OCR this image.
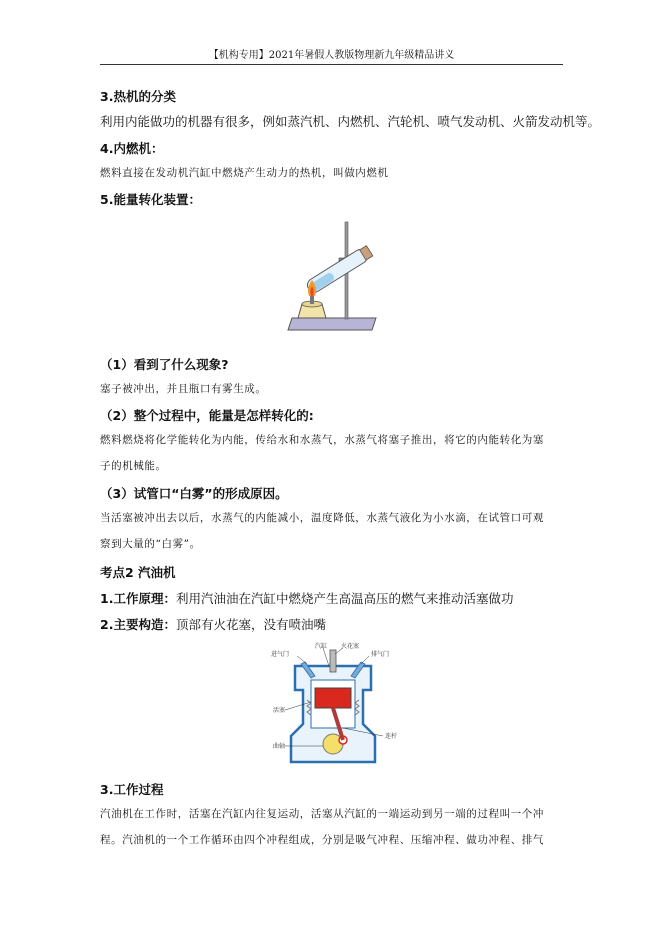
【机构专用】2021年暑假人教版物理新九年级精品讲义
3.热机的分类
利用内能做功的机器有很多，例如蒸汽机、内燃机、汽轮机、喷气发动机、火箭发动机等。
4.内燃机：
燃料直接在发动机汽缸中燃烧产生动力的热机，叫做内燃机
5.能量转化装置：
（1）看到了什么现象?
塞子被冲出，并且瓶口有雾生成。
（2）整个过程中，能量是怎样转化的:
燃料燃烧将化学能转化为内能，传给水和水蒸气，水蒸气将塞子推出，将它的内能转化为塞
子的机械能。
（3）试管口“白雾”的形成原因。
当活塞被冲出去以后，水蒸气的内能减小，温度降低，水蒸气液化为小水滴，在试管口可观
察到大量的“白雾”。
考点2 汽油机
1.工作原理：利用汽油油在汽缸中燃烧产生高温高压的燃气来推动活塞做功
2.主要构造：顶部有火花塞，没有喷油嘴
汽缸 火花塞
进气门	排气门
活塞
连杆
曲轴
3.工作过程
汽油机在工作时，活塞在汽缸内往复运动，活塞从汽缸的一端运动到另一端的过程叫一个冲
程。汽油机的一个工作循环由四个冲程组成，分别是吸气冲程、压缩冲程、做功冲程、排气
